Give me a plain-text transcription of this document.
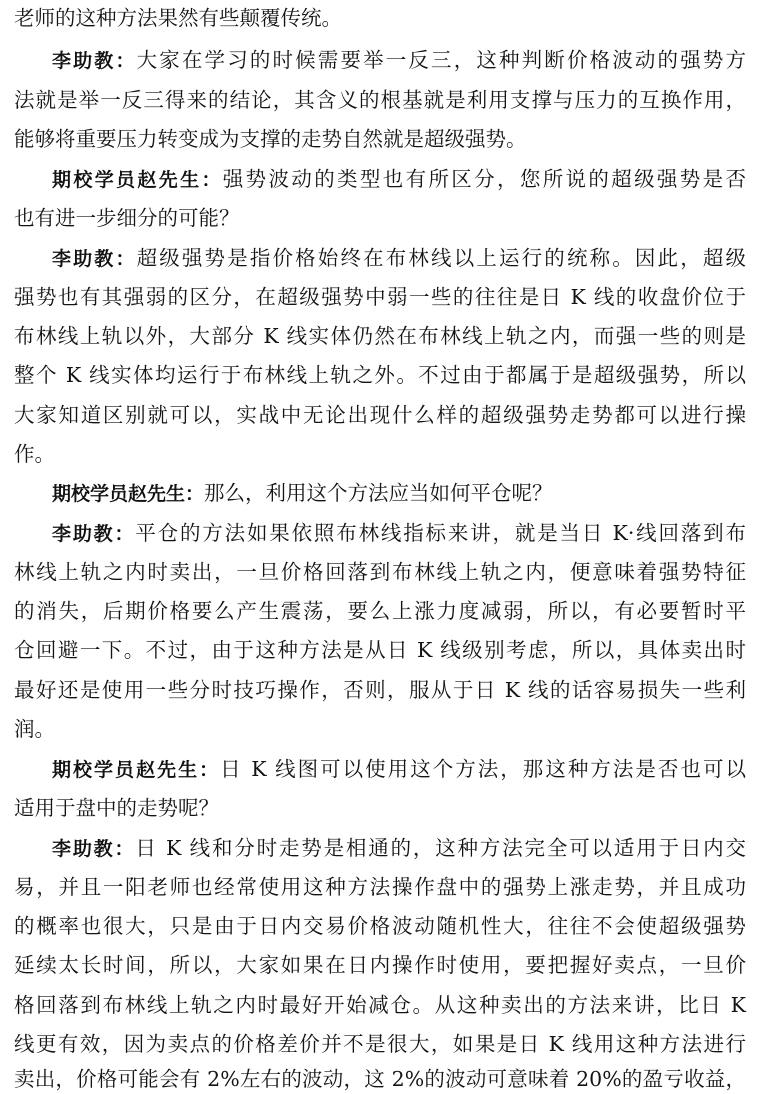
老师的这种方法果然有些颠覆传统。
李助教：大家在学习的时候需要举一反三，这种判断价格波动的强势方
法就是举一反三得来的结论，其含义的根基就是利用支撑与压力的互换作用，
能够将重要压力转变成为支撑的走势自然就是超级强势。
期校学员赵先生：强势波动的类型也有所区分，您所说的超级强势是否
也有进一步细分的可能？
李助教：超级强势是指价格始终在布林线以上运行的统称。因此，超级
强势也有其强弱的区分，在超级强势中弱一些的往往是日 K 线的收盘价位于
布林线上轨以外，大部分 K 线实体仍然在布林线上轨之内，而强一些的则是
整个 K 线实体均运行于布林线上轨之外。不过由于都属于是超级强势，所以
大家知道区别就可以，实战中无论出现什么样的超级强势走势都可以进行操
作。
期校学员赵先生：那么，利用这个方法应当如何平仓呢？
李助教：平仓的方法如果依照布林线指标来讲，就是当日 K·线回落到布
林线上轨之内时卖出，一旦价格回落到布林线上轨之内，便意味着强势特征
的消失，后期价格要么产生震荡，要么上涨力度减弱，所以，有必要暂时平
仓回避一下。不过，由于这种方法是从日 K 线级别考虑，所以，具体卖出时
最好还是使用一些分时技巧操作，否则，服从于日 K 线的话容易损失一些利
润。
期校学员赵先生：日 K 线图可以使用这个方法，那这种方法是否也可以
适用于盘中的走势呢？
李助教：日 K 线和分时走势是相通的，这种方法完全可以适用于日内交
易，并且一阳老师也经常使用这种方法操作盘中的强势上涨走势，并且成功
的概率也很大，只是由于日内交易价格波动随机性大，往往不会使超级强势
延续太长时间，所以，大家如果在日内操作时使用，要把握好卖点，一旦价
格回落到布林线上轨之内时最好开始减仓。从这种卖出的方法来讲，比日 K
线更有效，因为卖点的价格差价并不是很大，如果是日 K 线用这种方法进行
卖出，价格可能会有 2%左右的波动，这 2%的波动可意味着 20%的盈亏收益，
